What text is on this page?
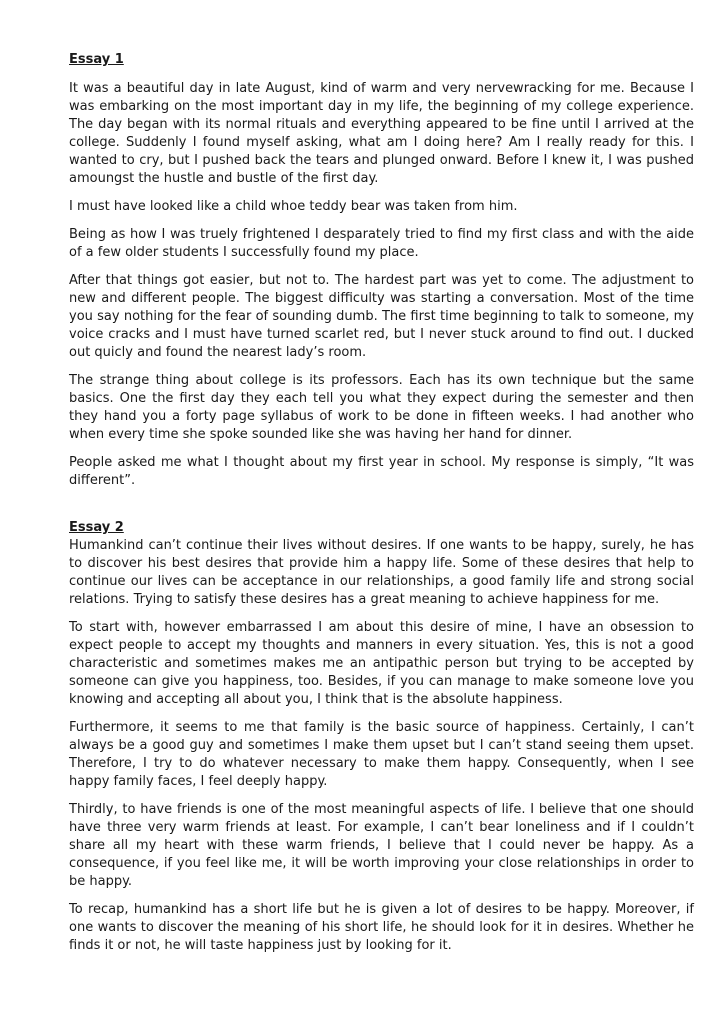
Essay 1

It was a beautiful day in late August, kind of warm and very nervewracking for me. Because I was embarking on the most important day in my life, the beginning of my college experience. The day began with its normal rituals and everything appeared to be fine until I arrived at the college. Suddenly I found myself asking, what am I doing here? Am I really ready for this. I wanted to cry, but I pushed back the tears and plunged onward. Before I knew it, I was pushed amoungst the hustle and bustle of the first day.

I must have looked like a child whoe teddy bear was taken from him.

Being as how I was truely frightened I desparately tried to find my first class and with the aide of a few older students I successfully found my place.

After that things got easier, but not to. The hardest part was yet to come. The adjustment to new and different people. The biggest difficulty was starting a conversation. Most of the time you say nothing for the fear of sounding dumb. The first time beginning to talk to someone, my voice cracks and I must have turned scarlet red, but I never stuck around to find out. I ducked out quicly and found the nearest lady’s room.

The strange thing about college is its professors. Each has its own technique but the same basics. One the first day they each tell you what they expect during the semester and then they hand you a forty page syllabus of work to be done in fifteen weeks. I had another who when every time she spoke sounded like she was having her hand for dinner.

People asked me what I thought about my first year in school. My response is simply, “It was different”.

Essay 2

Humankind can’t continue their lives without desires. If one wants to be happy, surely, he has to discover his best desires that provide him a happy life. Some of these desires that help to continue our lives can be acceptance in our relationships, a good family life and strong social relations. Trying to satisfy these desires has a great meaning to achieve happiness for me.

To start with, however embarrassed I am about this desire of mine, I have an obsession to expect people to accept my thoughts and manners in every situation. Yes, this is not a good characteristic and sometimes makes me an antipathic person but trying to be accepted by someone can give you happiness, too. Besides, if you can manage to make someone love you knowing and accepting all about you, I think that is the absolute happiness.

Furthermore, it seems to me that family is the basic source of happiness. Certainly, I can’t always be a good guy and sometimes I make them upset but I can’t stand seeing them upset. Therefore, I try to do whatever necessary to make them happy. Consequently, when I see happy family faces, I feel deeply happy.

Thirdly, to have friends is one of the most meaningful aspects of life. I believe that one should have three very warm friends at least. For example, I can’t bear loneliness and if I couldn’t share all my heart with these warm friends, I believe that I could never be happy. As a consequence, if you feel like me, it will be worth improving your close relationships in order to be happy.

To recap, humankind has a short life but he is given a lot of desires to be happy. Moreover, if one wants to discover the meaning of his short life, he should look for it in desires. Whether he finds it or not, he will taste happiness just by looking for it.
